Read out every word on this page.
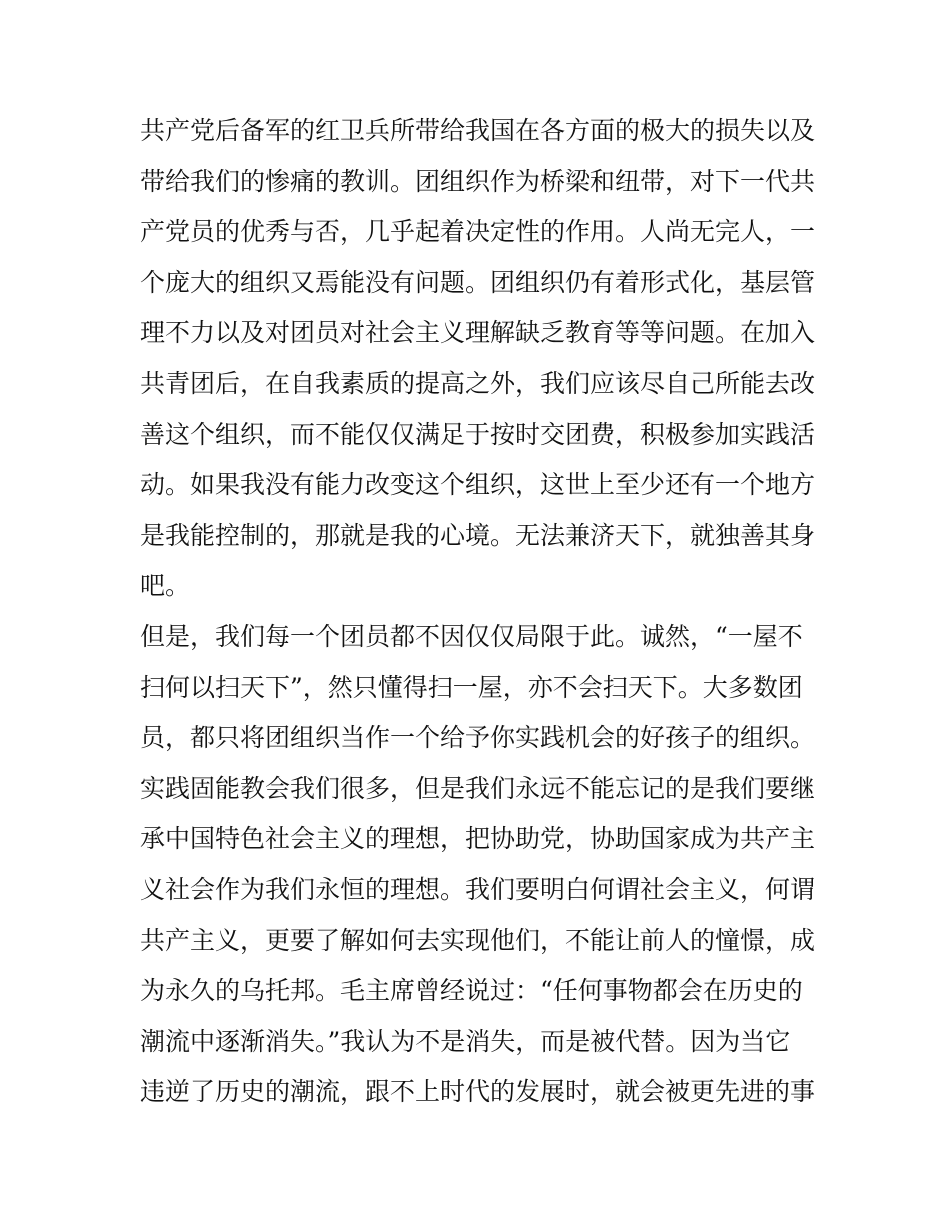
共产党后备军的红卫兵所带给我国在各方面的极大的损失以及
带给我们的惨痛的教训。团组织作为桥梁和纽带，对下一代共
产党员的优秀与否，几乎起着决定性的作用。人尚无完人，一
个庞大的组织又焉能没有问题。团组织仍有着形式化，基层管
理不力以及对团员对社会主义理解缺乏教育等等问题。在加入
共青团后，在自我素质的提高之外，我们应该尽自己所能去改
善这个组织，而不能仅仅满足于按时交团费，积极参加实践活
动。如果我没有能力改变这个组织，这世上至少还有一个地方
是我能控制的，那就是我的心境。无法兼济天下，就独善其身
吧。
但是，我们每一个团员都不因仅仅局限于此。诚然，“一屋不
扫何以扫天下”，然只懂得扫一屋，亦不会扫天下。大多数团
员，都只将团组织当作一个给予你实践机会的好孩子的组织。
实践固能教会我们很多，但是我们永远不能忘记的是我们要继
承中国特色社会主义的理想，把协助党，协助国家成为共产主
义社会作为我们永恒的理想。我们要明白何谓社会主义，何谓
共产主义，更要了解如何去实现他们，不能让前人的憧憬，成
为永久的乌托邦。毛主席曾经说过：“任何事物都会在历史的
潮流中逐渐消失。”我认为不是消失，而是被代替。因为当它
违逆了历史的潮流，跟不上时代的发展时，就会被更先进的事
